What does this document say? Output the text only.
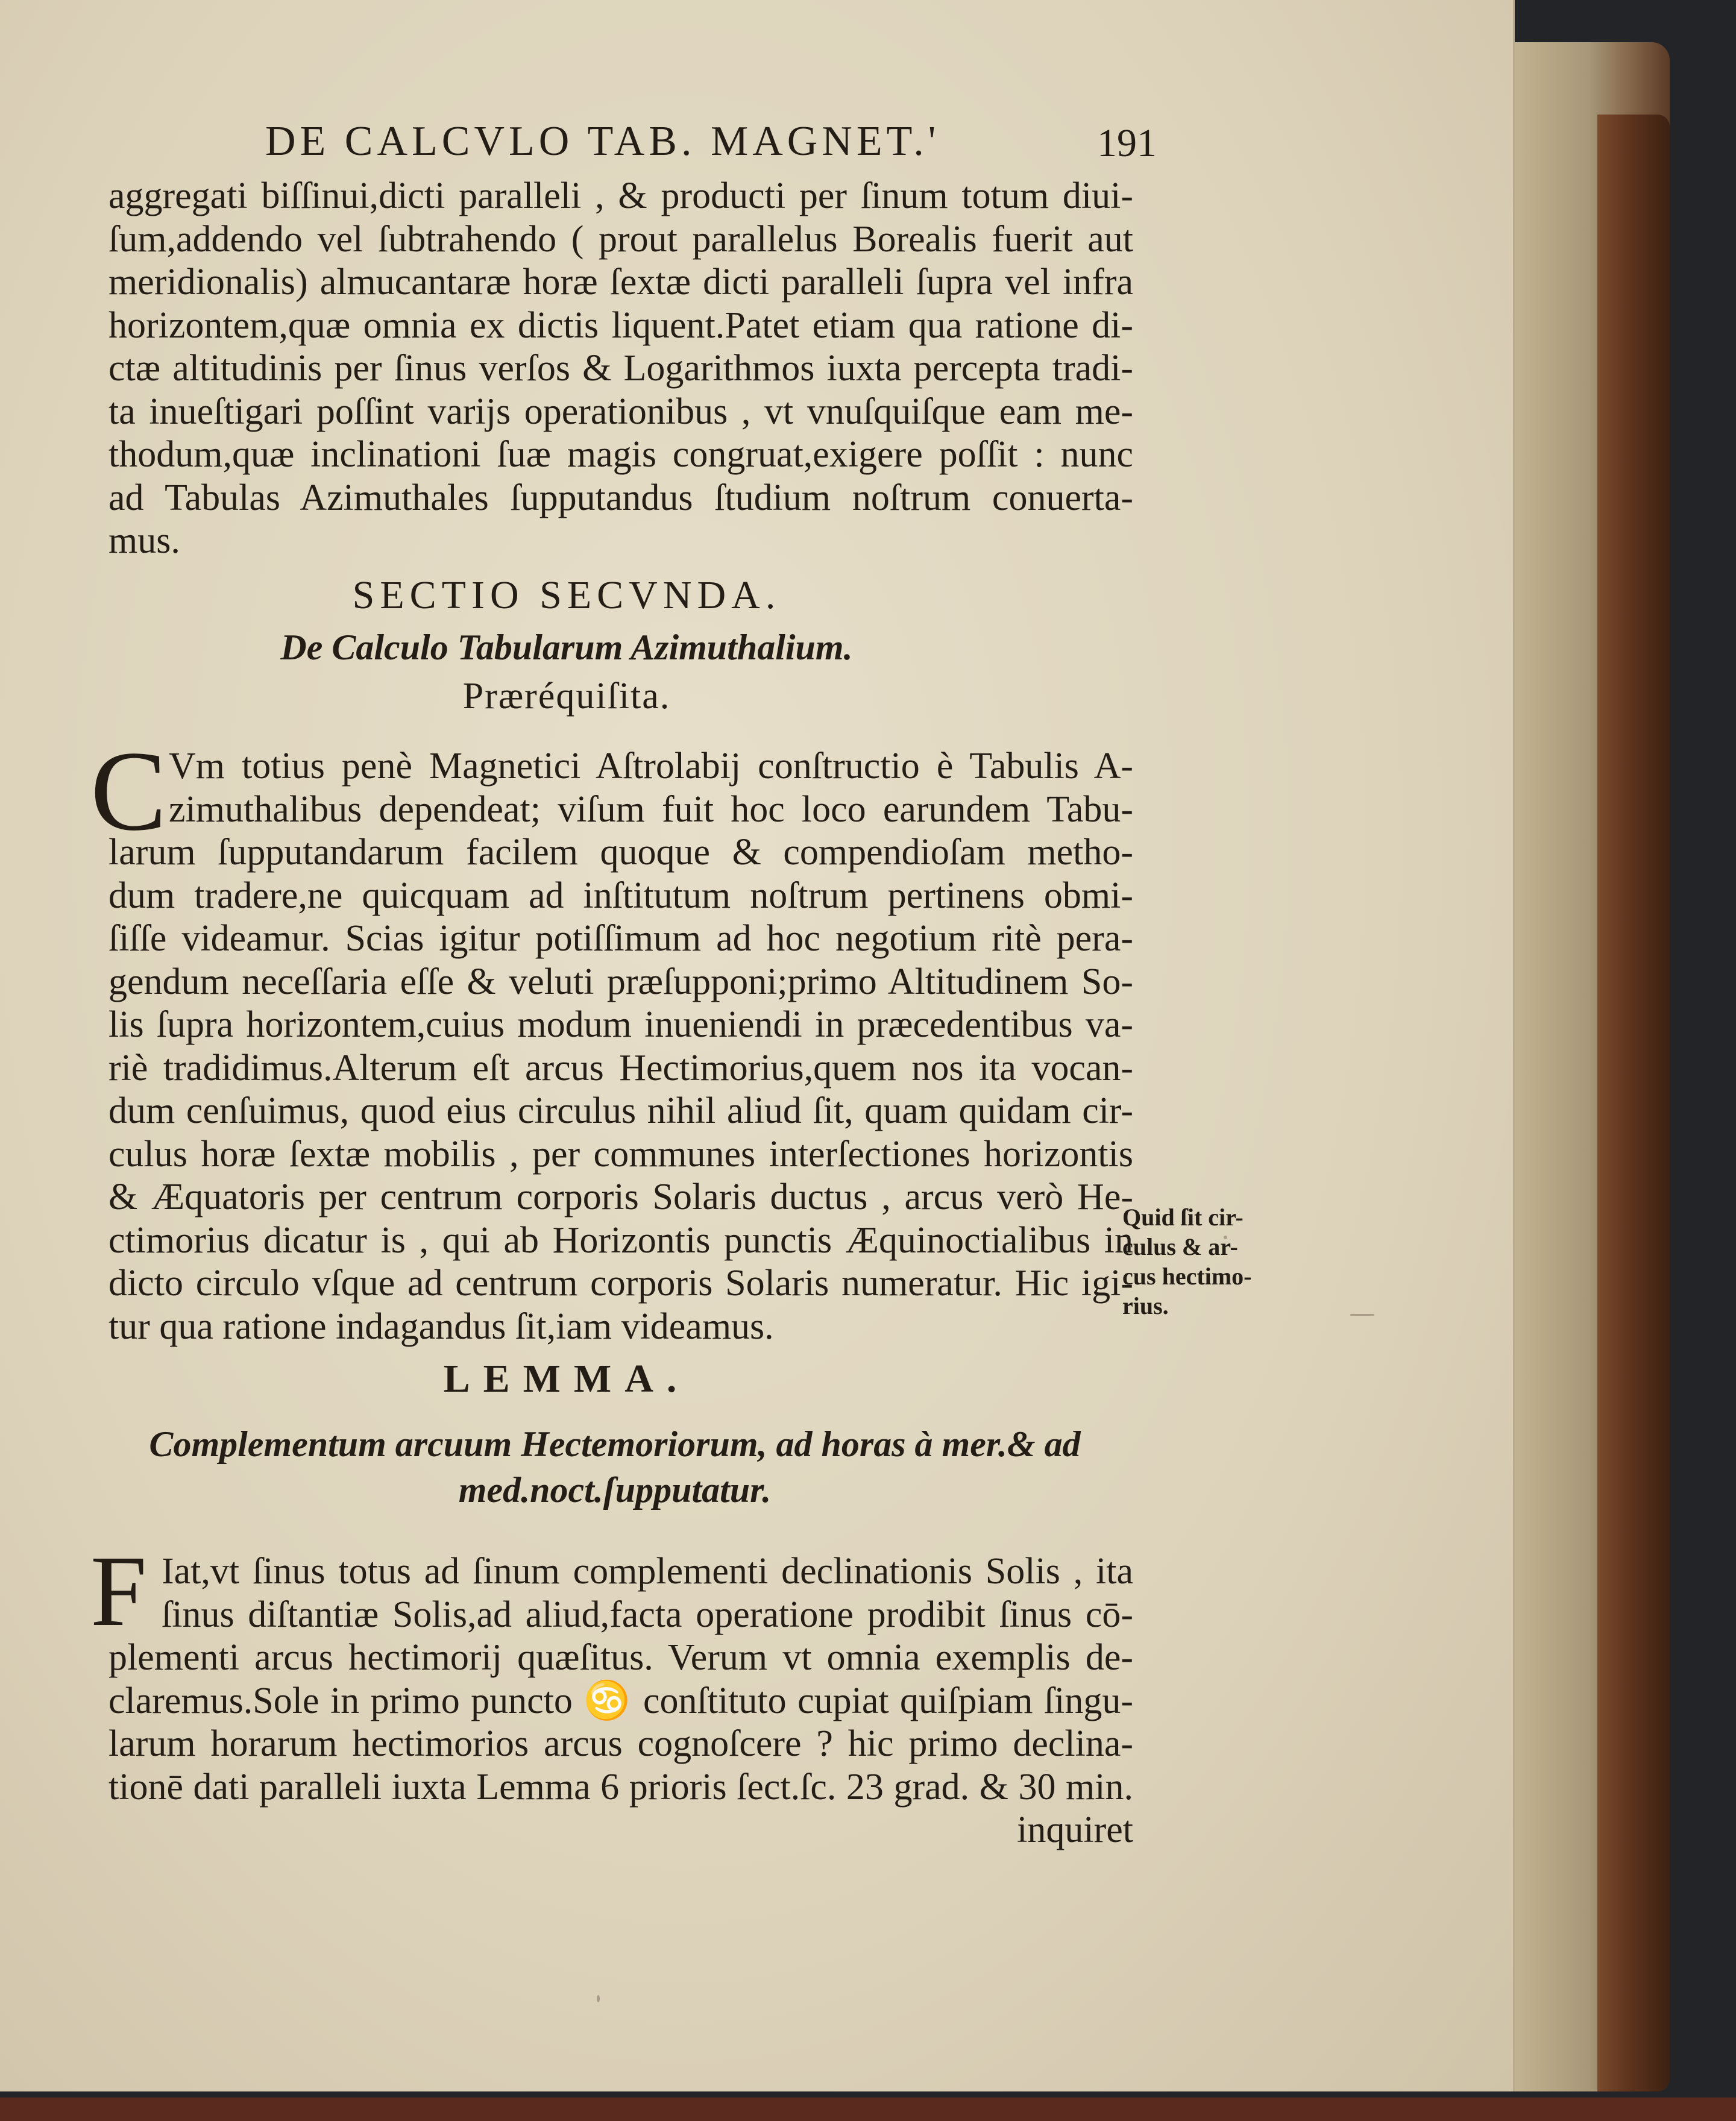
DE CALCVLO TAB. MAGNET.'	191
aggregati biſſinui,dicti paralleli , & producti per ſinum totum diui-
ſum,addendo vel ſubtrahendo ( prout parallelus Borealis fuerit aut
meridionalis) almucantaræ horæ ſextæ dicti paralleli ſupra vel infra
horizontem,quæ omnia ex dictis liquent.Patet etiam qua ratione di-
ctæ altitudinis per ſinus verſos & Logarithmos iuxta percepta tradi-
ta inueſtigari poſſint varijs operationibus , vt vnuſquiſque eam me-
thodum,quæ inclinationi ſuæ magis congruat,exigere poſſit : nunc
ad Tabulas Azimuthales ſupputandus ſtudium noſtrum conuerta-
mus.
SECTIO SECVNDA.
De Calculo Tabularum Azimuthalium.
Præréquiſita.
C Vm totius penè Magnetici Aſtrolabij conſtructio è Tabulis A-
zimuthalibus dependeat; viſum fuit hoc loco earundem Tabu-
larum ſupputandarum facilem quoque & compendioſam metho-
dum tradere,ne quicquam ad inſtitutum noſtrum pertinens obmi-
ſiſſe videamur. Scias igitur potiſſimum ad hoc negotium ritè pera-
gendum neceſſaria eſſe & veluti præſupponi;primo Altitudinem So-
lis ſupra horizontem,cuius modum inueniendi in præcedentibus va-
riè tradidimus.Alterum eſt arcus Hectimorius,quem nos ita vocan-
dum cenſuimus, quod eius circulus nihil aliud ſit, quam quidam cir-
culus horæ ſextæ mobilis , per communes interſectiones horizontis
& Æquatoris per centrum corporis Solaris ductus , arcus verò He-
ctimorius dicatur is , qui ab Horizontis punctis Æquinoctialibus in
dicto circulo vſque ad centrum corporis Solaris numeratur. Hic igi-
tur qua ratione indagandus ſit,iam videamus.
Quid ſit cir-
culus & ar-
cus hectimo-
rius.
LEMMA.
Complementum arcuum Hectemoriorum, ad horas à mer.& ad
med.noct.ſupputatur.
F Iat,vt ſinus totus ad ſinum complementi declinationis Solis , ita
ſinus diſtantiæ Solis,ad aliud,facta operatione prodibit ſinus cō-
plementi arcus hectimorij quæſitus. Verum vt omnia exemplis de-
claremus.Sole in primo puncto ♋ conſtituto cupiat quiſpiam ſingu-
larum horarum hectimorios arcus cognoſcere ? hic primo declina-
tionē dati paralleli iuxta Lemma 6 prioris ſect.ſc. 23 grad. & 30 min.
inquiret
